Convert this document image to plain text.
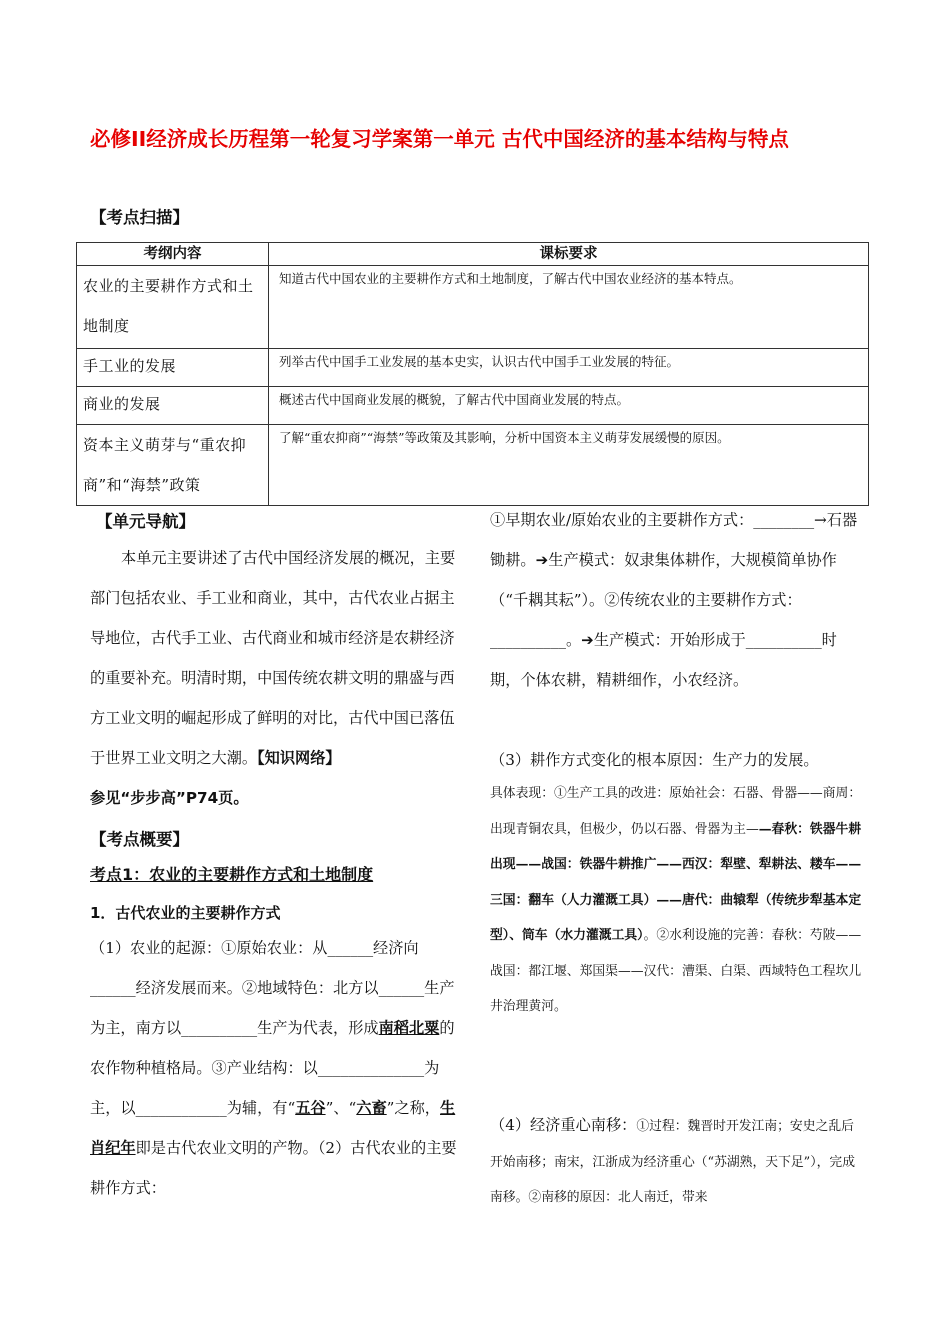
必修II经济成长历程第一轮复习学案第一单元 古代中国经济的基本结构与特点
【考点扫描】
考纲内容	课标要求
农业的主要耕作方式和土地制度	知道古代中国农业的主要耕作方式和土地制度，了解古代中国农业经济的基本特点。
手工业的发展	列举古代中国手工业发展的基本史实，认识古代中国手工业发展的特征。
商业的发展	概述古代中国商业发展的概貌，了解古代中国商业发展的特点。
资本主义萌芽与“重农抑商”和“海禁”政策	了解“重农抑商”“海禁”等政策及其影响，分析中国资本主义萌芽发展缓慢的原因。
【单元导航】
本单元主要讲述了古代中国经济发展的概况，主要部门包括农业、手工业和商业，其中，古代农业占据主导地位，古代手工业、古代商业和城市经济是农耕经济的重要补充。明清时期，中国传统农耕文明的鼎盛与西方工业文明的崛起形成了鲜明的对比，古代中国已落伍于世界工业文明之大潮。【知识网络】
参见“步步高”P74页。
【考点概要】
考点1：农业的主要耕作方式和土地制度
1．古代农业的主要耕作方式
（1）农业的起源：①原始农业：从______经济向______经济发展而来。②地域特色：北方以______生产为主，南方以__________生产为代表，形成南稻北粟的农作物种植格局。③产业结构：以______________为主，以____________为辅，有“五谷”、“六畜”之称，生肖纪年即是古代农业文明的产物。（2）古代农业的主要耕作方式：
①早期农业/原始农业的主要耕作方式：________→石器锄耕。➔生产模式：奴隶集体耕作，大规模简单协作（“千耦其耘”）。②传统农业的主要耕作方式：__________。➔生产模式：开始形成于__________时期，个体农耕，精耕细作，小农经济。
（3）耕作方式变化的根本原因：生产力的发展。
具体表现：①生产工具的改进：原始社会：石器、骨器——商周：出现青铜农具，但极少，仍以石器、骨器为主——春秋：铁器牛耕出现——战国：铁器牛耕推广——西汉：犁壁、犁耕法、耧车——三国：翻车（人力灌溉工具）——唐代：曲辕犁（传统步犁基本定型）、筒车（水力灌溉工具）。②水利设施的完善：春秋：芍陂——战国：都江堰、郑国渠——汉代：漕渠、白渠、西域特色工程坎儿井治理黄河。
（4）经济重心南移：①过程：魏晋时开发江南；安史之乱后开始南移；南宋，江浙成为经济重心（“苏湖熟，天下足”），完成南移。②南移的原因：北人南迁，带来
